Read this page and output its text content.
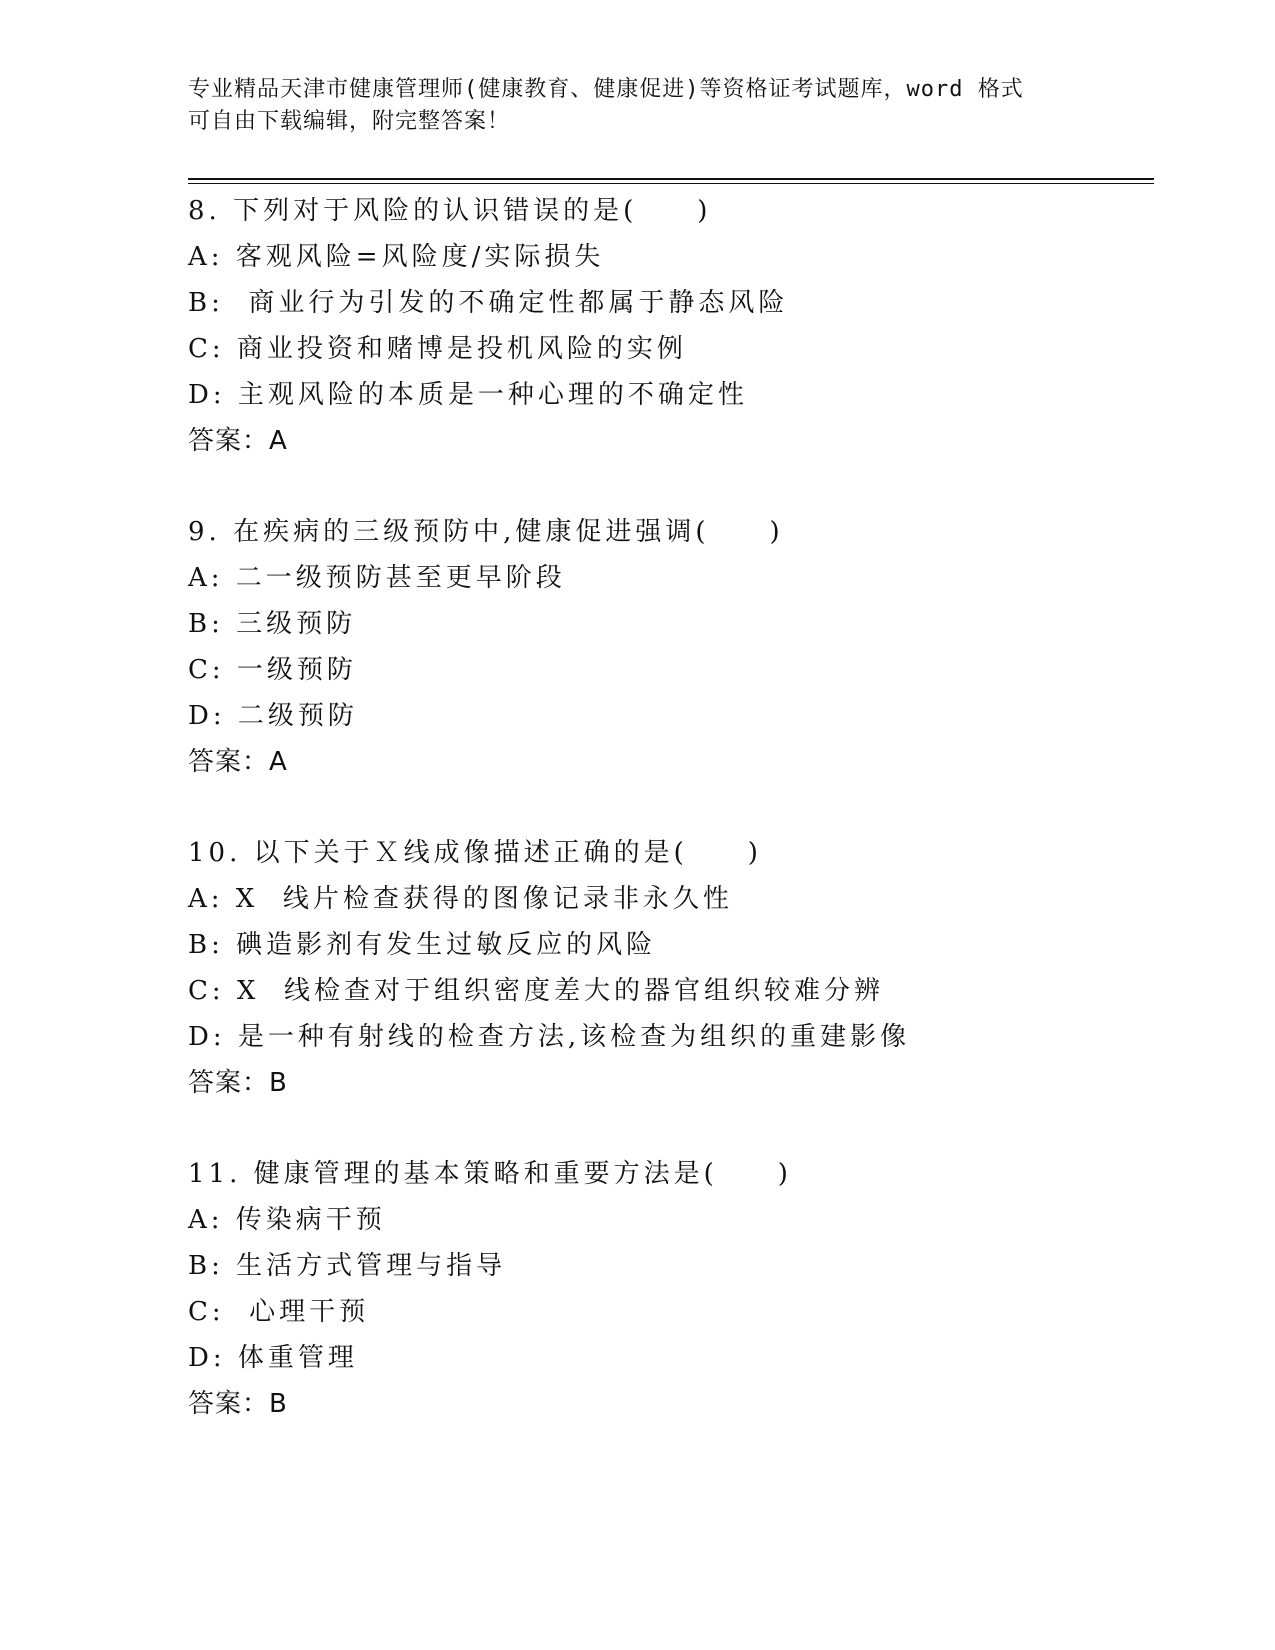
专业精品天津市健康管理师(健康教育、健康促进)等资格证考试题库，word 格式
可自由下载编辑，附完整答案！
8. 下列对于风险的认识错误的是(　　)
A: 客观风险=风险度/实际损失
B:  商业行为引发的不确定性都属于静态风险
C: 商业投资和赌博是投机风险的实例
D: 主观风险的本质是一种心理的不确定性
答案：A
9. 在疾病的三级预防中,健康促进强调(　　)
A: 二一级预防甚至更早阶段
B: 三级预防
C: 一级预防
D: 二级预防
答案：A
10. 以下关于Ｘ线成像描述正确的是(　　)
A: X  线片检查获得的图像记录非永久性
B: 碘造影剂有发生过敏反应的风险
C: X  线检查对于组织密度差大的器官组织较难分辨
D: 是一种有射线的检查方法,该检查为组织的重建影像
答案：B
11. 健康管理的基本策略和重要方法是(　　)
A: 传染病干预
B: 生活方式管理与指导
C:  心理干预
D: 体重管理
答案：B
